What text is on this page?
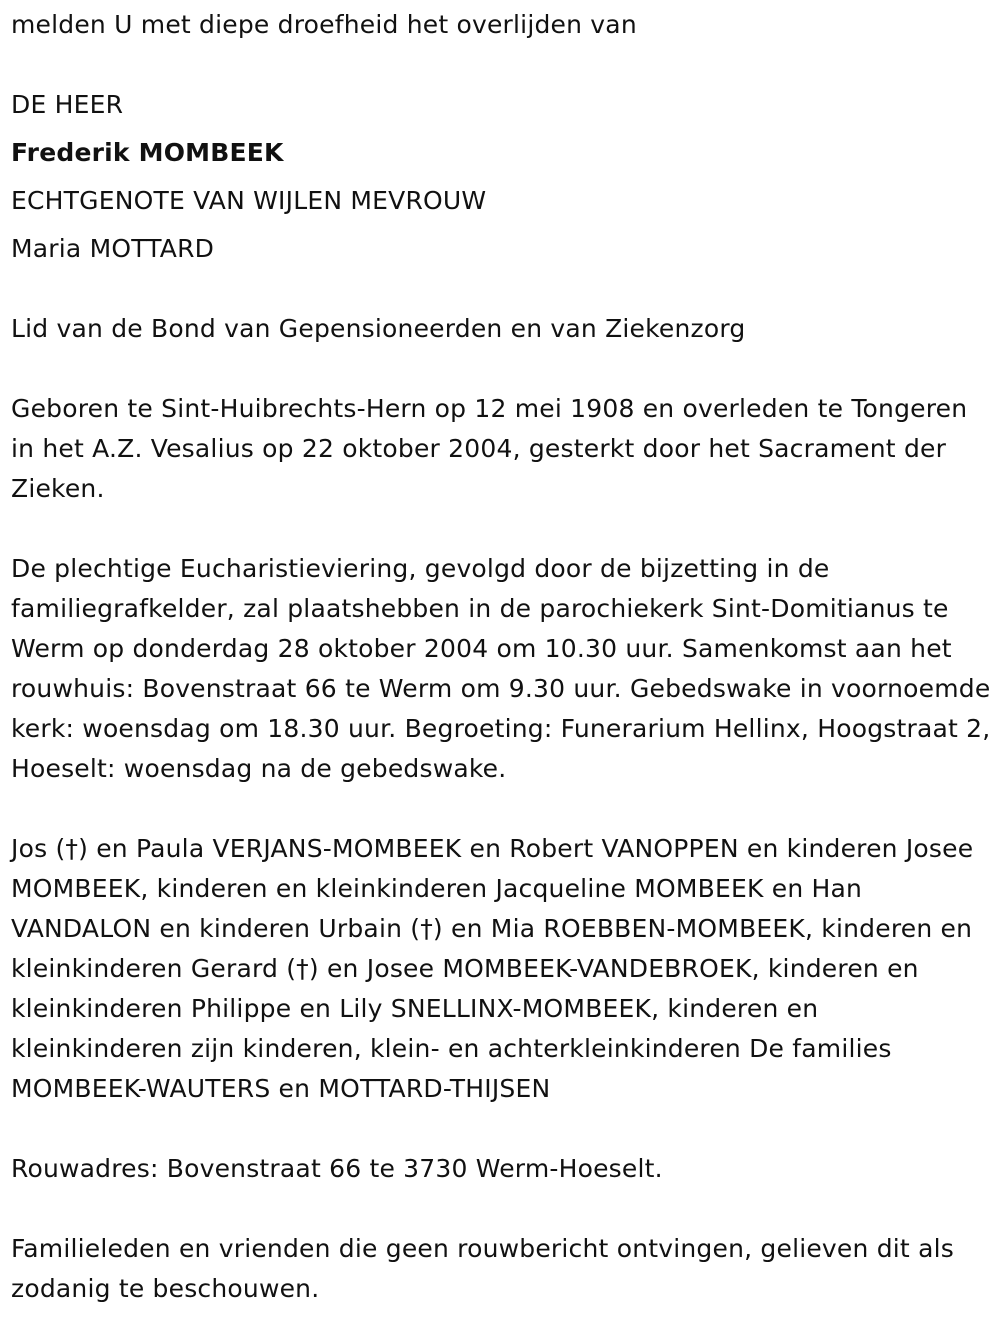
melden U met diepe droefheid het overlijden van
DE HEER
Frederik MOMBEEK
ECHTGENOTE VAN WIJLEN MEVROUW
Maria MOTTARD
Lid van de Bond van Gepensioneerden en van Ziekenzorg
Geboren te Sint-Huibrechts-Hern op 12 mei 1908 en overleden te Tongeren in het A.Z. Vesalius op 22 oktober 2004, gesterkt door het Sacrament der Zieken.
De plechtige Eucharistieviering, gevolgd door de bijzetting in de familiegrafkelder, zal plaatshebben in de parochiekerk Sint-Domitianus te Werm op donderdag 28 oktober 2004 om 10.30 uur. Samenkomst aan het rouwhuis: Bovenstraat 66 te Werm om 9.30 uur. Gebedswake in voornoemde kerk: woensdag om 18.30 uur. Begroeting: Funerarium Hellinx, Hoogstraat 2, Hoeselt: woensdag na de gebedswake.
Jos (†) en Paula VERJANS-MOMBEEK en Robert VANOPPEN en kinderen Josee MOMBEEK, kinderen en kleinkinderen Jacqueline MOMBEEK en Han VANDALON en kinderen Urbain (†) en Mia ROEBBEN-MOMBEEK, kinderen en kleinkinderen Gerard (†) en Josee MOMBEEK-VANDEBROEK, kinderen en kleinkinderen Philippe en Lily SNELLINX-MOMBEEK, kinderen en kleinkinderen zijn kinderen, klein- en achterkleinkinderen De families MOMBEEK-WAUTERS en MOTTARD-THIJSEN
Rouwadres: Bovenstraat 66 te 3730 Werm-Hoeselt.
Familieleden en vrienden die geen rouwbericht ontvingen, gelieven dit als zodanig te beschouwen.
